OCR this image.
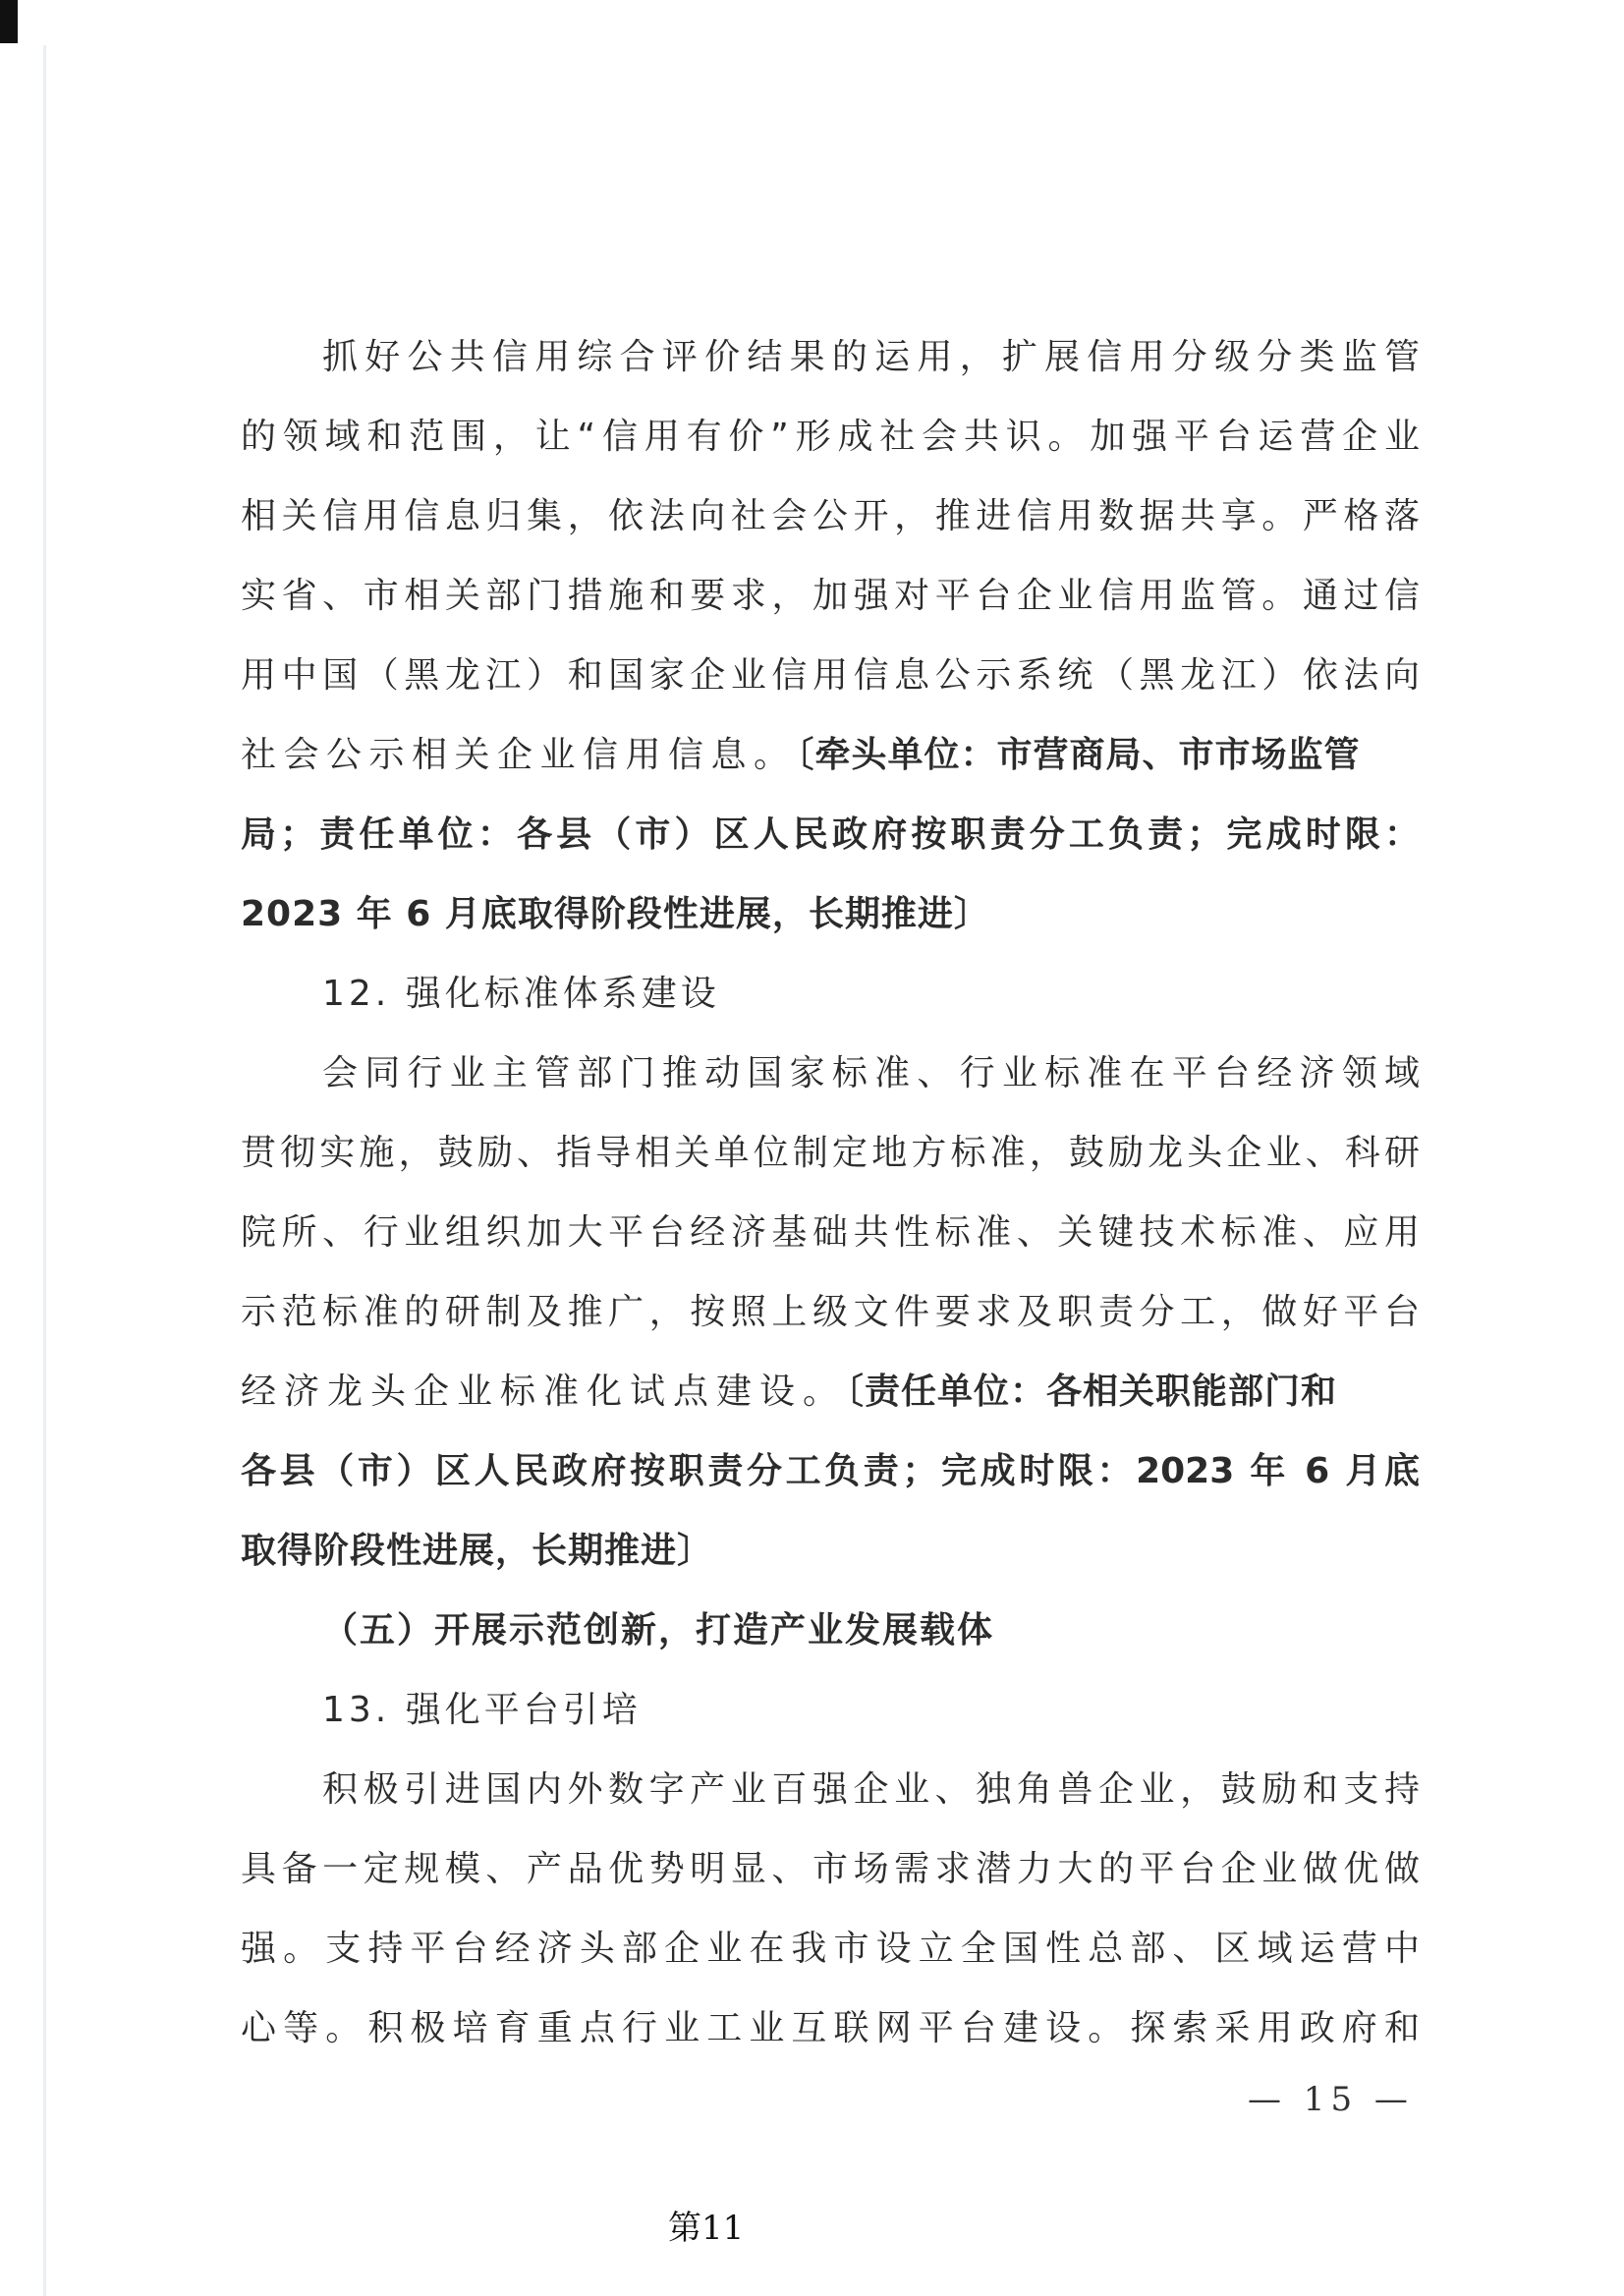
抓好公共信用综合评价结果的运用，扩展信用分级分类监管
的领域和范围，让“信用有价”形成社会共识。加强平台运营企业
相关信用信息归集，依法向社会公开，推进信用数据共享。严格落
实省、市相关部门措施和要求，加强对平台企业信用监管。通过信
用中国（黑龙江）和国家企业信用信息公示系统（黑龙江）依法向
社会公示相关企业信用信息。〔牵头单位：市营商局、市市场监管
局；责任单位：各县（市）区人民政府按职责分工负责；完成时限：
2023 年 6 月底取得阶段性进展，长期推进〕
12. 强化标准体系建设
会同行业主管部门推动国家标准、行业标准在平台经济领域
贯彻实施，鼓励、指导相关单位制定地方标准，鼓励龙头企业、科研
院所、行业组织加大平台经济基础共性标准、关键技术标准、应用
示范标准的研制及推广，按照上级文件要求及职责分工，做好平台
经济龙头企业标准化试点建设。〔责任单位：各相关职能部门和
各县（市）区人民政府按职责分工负责；完成时限：2023 年 6 月底
取得阶段性进展，长期推进〕
（五）开展示范创新，打造产业发展载体
13. 强化平台引培
积极引进国内外数字产业百强企业、独角兽企业，鼓励和支持
具备一定规模、产品优势明显、市场需求潜力大的平台企业做优做
强。支持平台经济头部企业在我市设立全国性总部、区域运营中
心等。积极培育重点行业工业互联网平台建设。探索采用政府和
— 15 —
第11
